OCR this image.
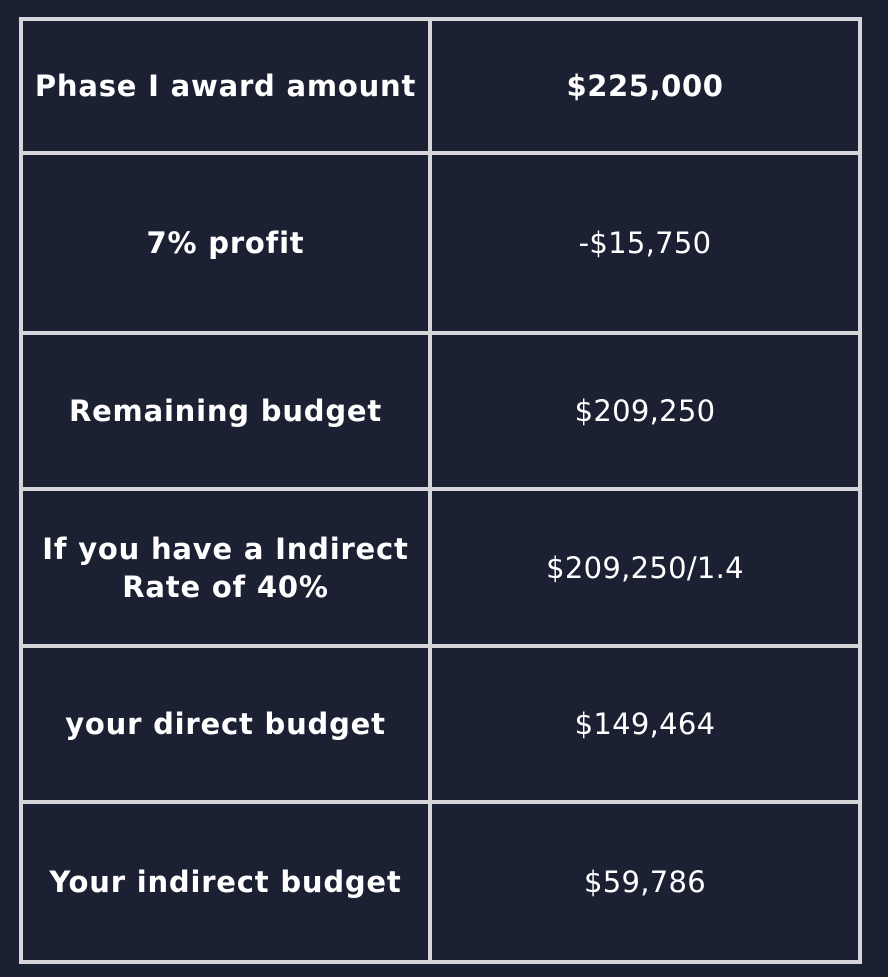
Phase I award amount	$225,000
7% profit	-$15,750
Remaining budget	$209,250
If you have a Indirect Rate of 40%	$209,250/1.4
your direct budget	$149,464
Your indirect budget	$59,786
